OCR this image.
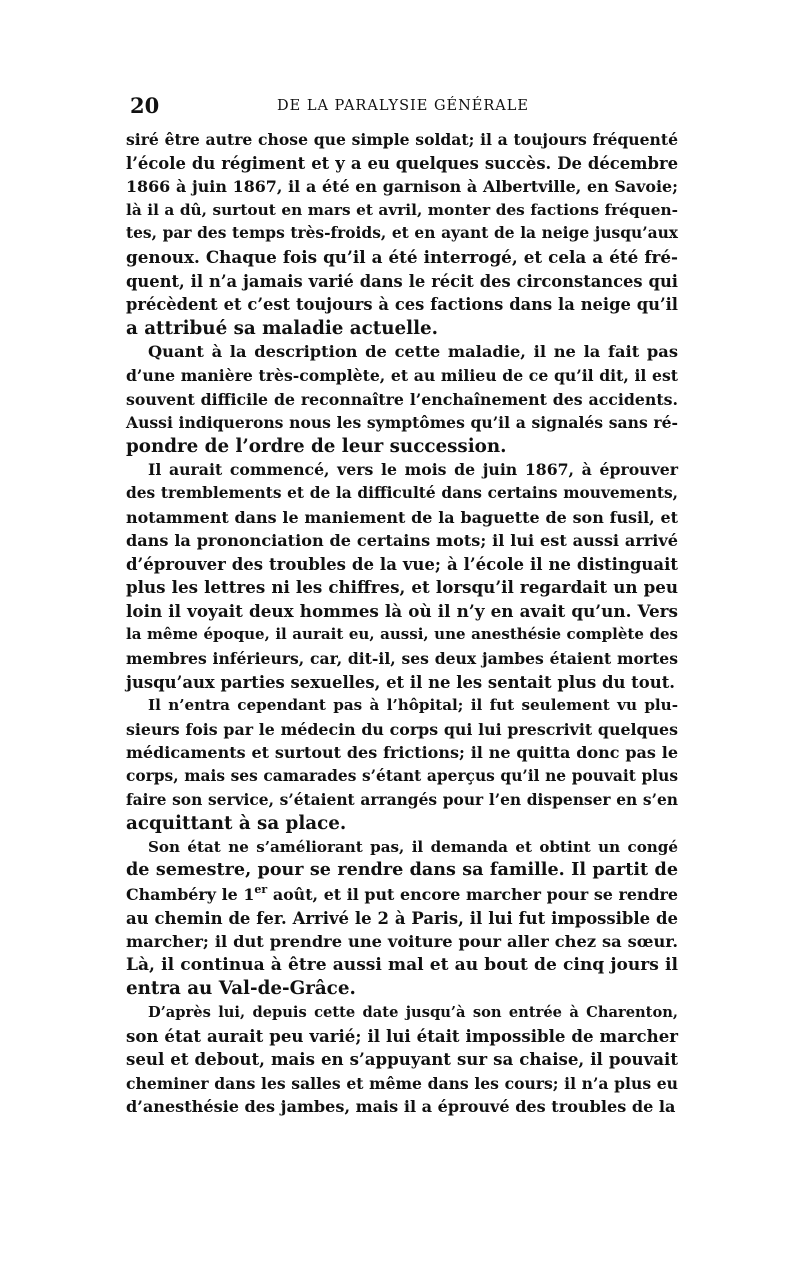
20	DE LA PARALYSIE GÉNÉRALE
siré être autre chose que simple soldat; il a toujours fréquenté
l’école du régiment et y a eu quelques succès. De décembre
1866 à juin 1867, il a été en garnison à Albertville, en Savoie;
là il a dû, surtout en mars et avril, monter des factions fréquen-
tes, par des temps très-froids, et en ayant de la neige jusqu’aux
genoux. Chaque fois qu’il a été interrogé, et cela a été fré-
quent, il n’a jamais varié dans le récit des circonstances qui
précèdent et c’est toujours à ces factions dans la neige qu’il
a attribué sa maladie actuelle.
Quant à la description de cette maladie, il ne la fait pas
d’une manière très-complète, et au milieu de ce qu’il dit, il est
souvent difficile de reconnaître l’enchaînement des accidents.
Aussi indiquerons nous les symptômes qu’il a signalés sans ré-
pondre de l’ordre de leur succession.
Il aurait commencé, vers le mois de juin 1867, à éprouver
des tremblements et de la difficulté dans certains mouvements,
notamment dans le maniement de la baguette de son fusil, et
dans la prononciation de certains mots; il lui est aussi arrivé
d’éprouver des troubles de la vue; à l’école il ne distinguait
plus les lettres ni les chiffres, et lorsqu’il regardait un peu
loin il voyait deux hommes là où il n’y en avait qu’un. Vers
la même époque, il aurait eu, aussi, une anesthésie complète des
membres inférieurs, car, dit-il, ses deux jambes étaient mortes
jusqu’aux parties sexuelles, et il ne les sentait plus du tout.
Il n’entra cependant pas à l’hôpital; il fut seulement vu plu-
sieurs fois par le médecin du corps qui lui prescrivit quelques
médicaments et surtout des frictions; il ne quitta donc pas le
corps, mais ses camarades s’étant aperçus qu’il ne pouvait plus
faire son service, s’étaient arrangés pour l’en dispenser en s’en
acquittant à sa place.
Son état ne s’améliorant pas, il demanda et obtint un congé
de semestre, pour se rendre dans sa famille. Il partit de
Chambéry le 1er août, et il put encore marcher pour se rendre
au chemin de fer. Arrivé le 2 à Paris, il lui fut impossible de
marcher; il dut prendre une voiture pour aller chez sa sœur.
Là, il continua à être aussi mal et au bout de cinq jours il
entra au Val-de-Grâce.
D’après lui, depuis cette date jusqu’à son entrée à Charenton,
son état aurait peu varié; il lui était impossible de marcher
seul et debout, mais en s’appuyant sur sa chaise, il pouvait
cheminer dans les salles et même dans les cours; il n’a plus eu
d’anesthésie des jambes, mais il a éprouvé des troubles de la
